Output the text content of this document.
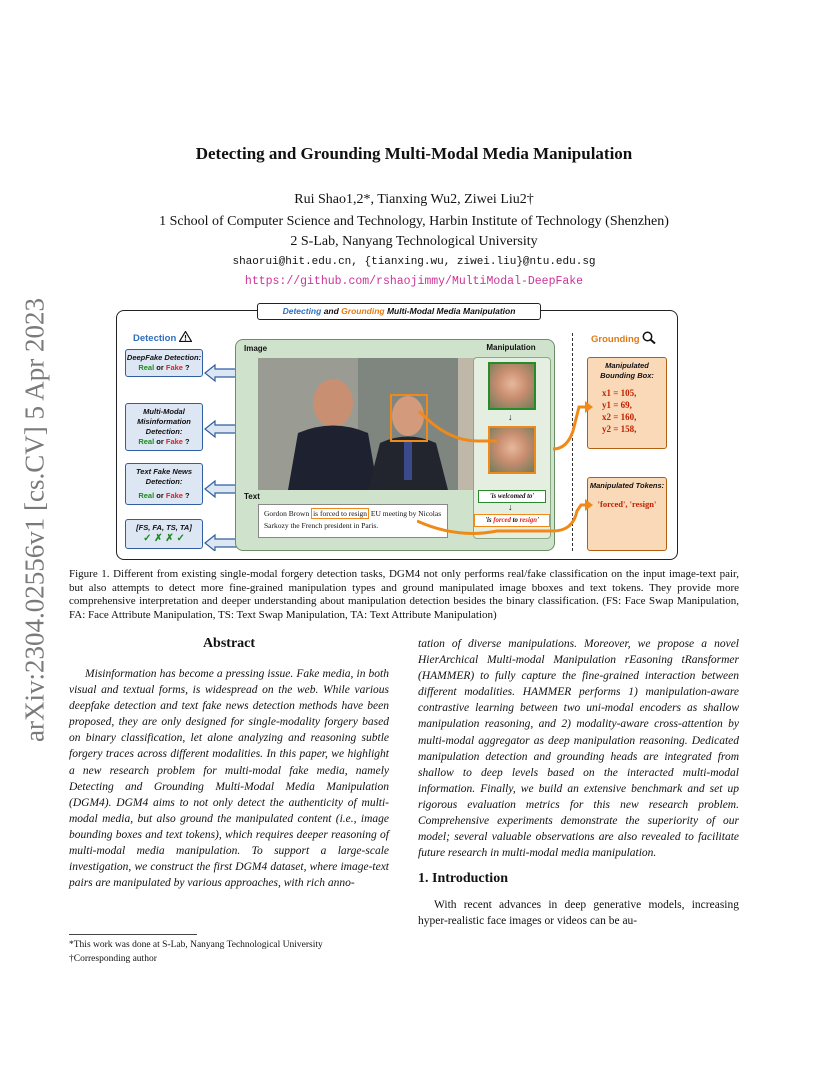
arXiv:2304.02556v1 [cs.CV] 5 Apr 2023
Detecting and Grounding Multi-Modal Media Manipulation
Rui Shao1,2*, Tianxing Wu2, Ziwei Liu2†
1 School of Computer Science and Technology, Harbin Institute of Technology (Shenzhen)
2 S-Lab, Nanyang Technological University
shaorui@hit.edu.cn, {tianxing.wu, ziwei.liu}@ntu.edu.sg
https://github.com/rshaojimmy/MultiModal-DeepFake
Detecting and Grounding Multi-Modal Media Manipulation
Detection
DeepFake Detection:
Real or Fake ?
Multi-Modal Misinformation Detection:
Real or Fake ?
Text Fake News Detection:
Real or Fake ?
[FS, FA, TS, TA]
✓ ✗ ✗ ✓
Image
Text
Gordon Brown is forced to resign EU meeting by Nicolas Sarkozy the French president in Paris.
Manipulation
↓
'is welcomed to'
↓
'is forced to resign'
Grounding
Manipulated Bounding Box:
x1 = 105,
y1 = 69,
x2 = 160,
y2 = 158,
Manipulated Tokens:
'forced', 'resign'
Figure 1. Different from existing single-modal forgery detection tasks, DGM4 not only performs real/fake classification on the input image-text pair, but also attempts to detect more fine-grained manipulation types and ground manipulated image bboxes and text tokens. They provide more comprehensive interpretation and deeper understanding about manipulation detection besides the binary classification. (FS: Face Swap Manipulation, FA: Face Attribute Manipulation, TS: Text Swap Manipulation, TA: Text Attribute Manipulation)
Abstract

Misinformation has become a pressing issue. Fake media, in both visual and textual forms, is widespread on the web. While various deepfake detection and text fake news detection methods have been proposed, they are only designed for single-modality forgery based on binary classification, let alone analyzing and reasoning subtle forgery traces across different modalities. In this paper, we highlight a new research problem for multi-modal fake media, namely Detecting and Grounding Multi-Modal Media Manipulation (DGM4). DGM4 aims to not only detect the authenticity of multi-modal media, but also ground the manipulated content (i.e., image bounding boxes and text tokens), which requires deeper reasoning of multi-modal media manipulation. To support a large-scale investigation, we construct the first DGM4 dataset, where image-text pairs are manipulated by various approaches, with rich anno-

tation of diverse manipulations. Moreover, we propose a novel HierArchical Multi-modal Manipulation rEasoning tRansformer (HAMMER) to fully capture the fine-grained interaction between different modalities. HAMMER performs 1) manipulation-aware contrastive learning between two uni-modal encoders as shallow manipulation reasoning, and 2) modality-aware cross-attention by multi-modal aggregator as deep manipulation reasoning. Dedicated manipulation detection and grounding heads are integrated from shallow to deep levels based on the interacted multi-modal information. Finally, we build an extensive benchmark and set up rigorous evaluation metrics for this new research problem. Comprehensive experiments demonstrate the superiority of our model; several valuable observations are also revealed to facilitate future research in multi-modal media manipulation.

1. Introduction

With recent advances in deep generative models, increasing hyper-realistic face images or videos can be au-

*This work was done at S-Lab, Nanyang Technological University
†Corresponding author
